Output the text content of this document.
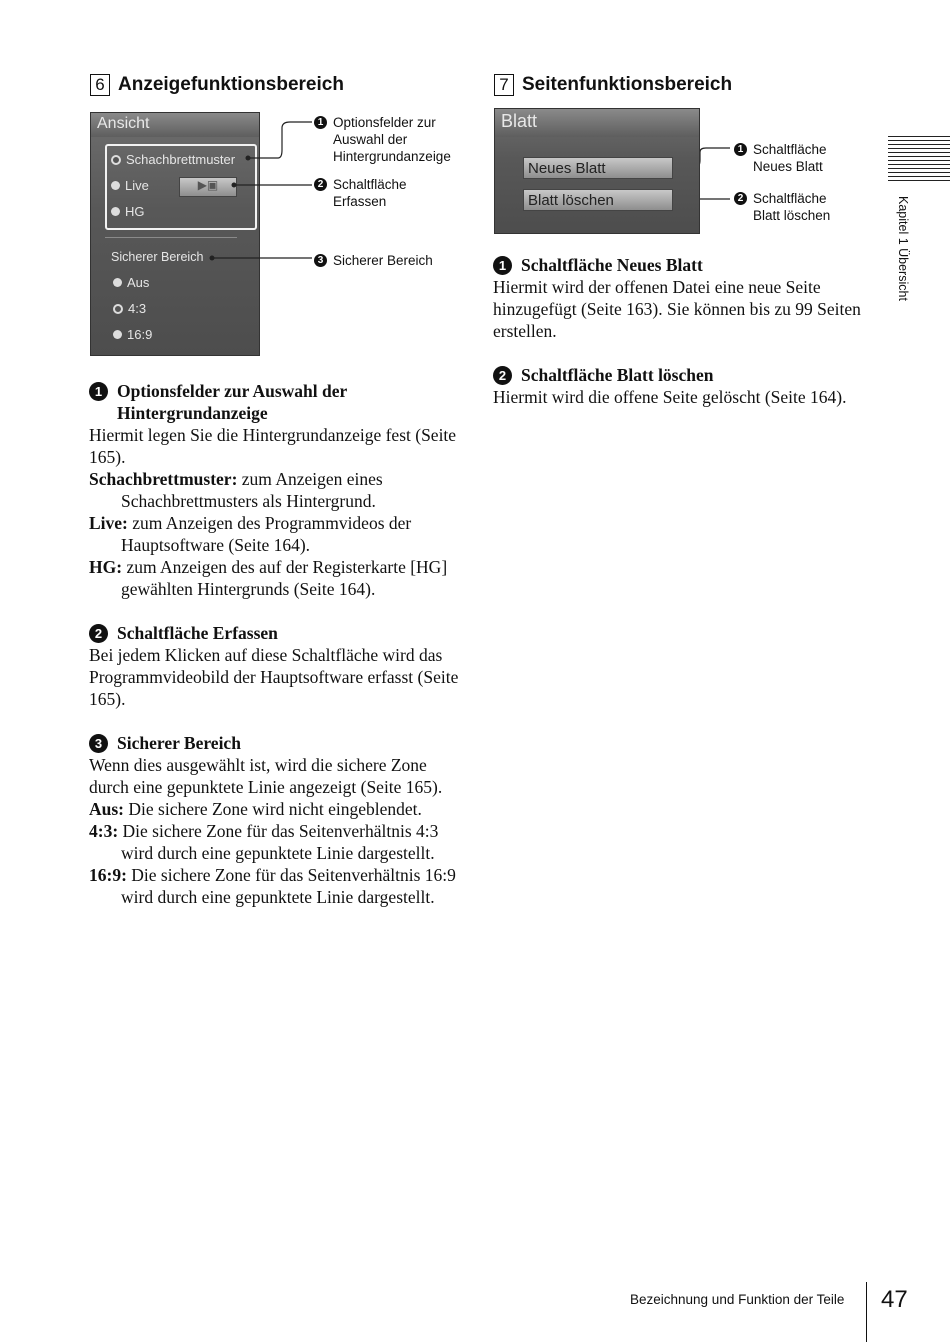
6 Anzeigefunktionsbereich
Ansicht
Schachbrettmuster
Live
HG
▶▣
Sicherer Bereich
Aus
4:3
16:9
1 Optionsfelder zur Auswahl der Hintergrundanzeige
2 Schaltfläche Erfassen
3 Sicherer Bereich
1 Optionsfelder zur Auswahl der Hintergrundanzeige
Hiermit legen Sie die Hintergrundanzeige fest (Seite 165).
Schachbrettmuster: zum Anzeigen eines Schachbrettmusters als Hintergrund.
Live: zum Anzeigen des Programmvideos der Hauptsoftware (Seite 164).
HG: zum Anzeigen des auf der Registerkarte [HG] gewählten Hintergrunds (Seite 164).
2 Schaltfläche Erfassen
Bei jedem Klicken auf diese Schaltfläche wird das Programmvideobild der Hauptsoftware erfasst (Seite 165).
3 Sicherer Bereich
Wenn dies ausgewählt ist, wird die sichere Zone durch eine gepunktete Linie angezeigt (Seite 165).
Aus: Die sichere Zone wird nicht eingeblendet.
4:3: Die sichere Zone für das Seitenverhältnis 4:3 wird durch eine gepunktete Linie dargestellt.
16:9: Die sichere Zone für das Seitenverhältnis 16:9 wird durch eine gepunktete Linie dargestellt.
7 Seitenfunktionsbereich
Blatt
Neues Blatt
Blatt löschen
1 Schaltfläche Neues Blatt
2 Schaltfläche Blatt löschen
1 Schaltfläche Neues Blatt
Hiermit wird der offenen Datei eine neue Seite hinzugefügt (Seite 163). Sie können bis zu 99 Seiten erstellen.
2 Schaltfläche Blatt löschen
Hiermit wird die offene Seite gelöscht (Seite 164).
Kapitel 1 Übersicht
Bezeichnung und Funktion der Teile 47
